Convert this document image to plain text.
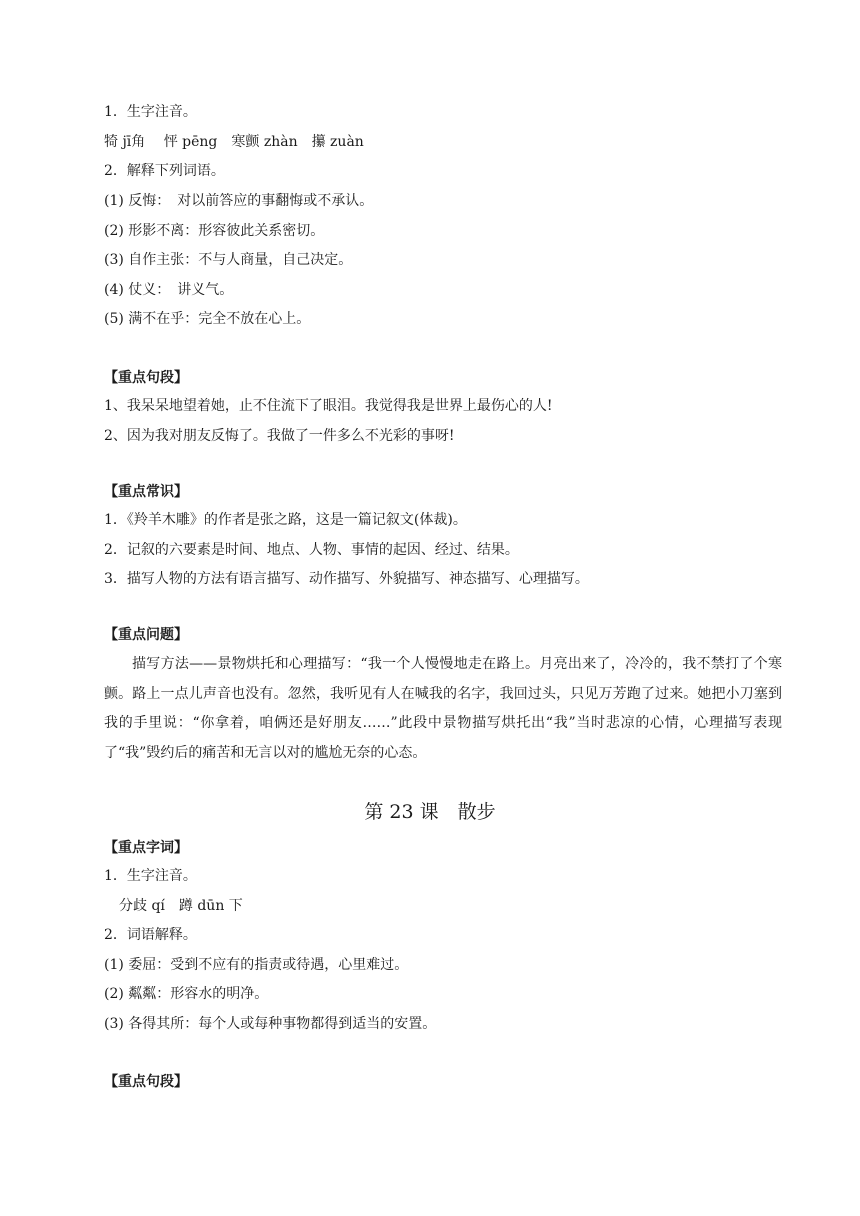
1．生字注音。
犄 jī角　 怦 pēng　寒颤 zhàn　攥 zuàn
2．解释下列词语。
(1) 反悔：　对以前答应的事翻悔或不承认。
(2) 形影不离：形容彼此关系密切。
(3) 自作主张：不与人商量，自己决定。
(4) 仗义：　讲义气。
(5) 满不在乎：完全不放在心上。
【重点句段】
1、我呆呆地望着她，止不住流下了眼泪。我觉得我是世界上最伤心的人!
2、因为我对朋友反悔了。我做了一件多么不光彩的事呀!
【重点常识】
1．《羚羊木雕》的作者是张之路，这是一篇记叙文(体裁)。
2．记叙的六要素是时间、地点、人物、事情的起因、经过、结果。
3．描写人物的方法有语言描写、动作描写、外貌描写、神态描写、心理描写。
【重点问题】
描写方法——景物烘托和心理描写：“我一个人慢慢地走在路上。月亮出来了，冷冷的，我不禁打了个寒颤。路上一点儿声音也没有。忽然，我听见有人在喊我的名字，我回过头，只见万芳跑了过来。她把小刀塞到我的手里说：“你拿着，咱俩还是好朋友……”此段中景物描写烘托出“我”当时悲凉的心情，心理描写表现了“我”毁约后的痛苦和无言以对的尴尬无奈的心态。
第 23 课　散步
【重点字词】
1．生字注音。
分歧 qí　蹲 dūn 下
2．词语解释。
(1) 委屈：受到不应有的指责或待遇，心里难过。
(2) 粼粼：形容水的明净。
(3) 各得其所：每个人或每种事物都得到适当的安置。
【重点句段】
